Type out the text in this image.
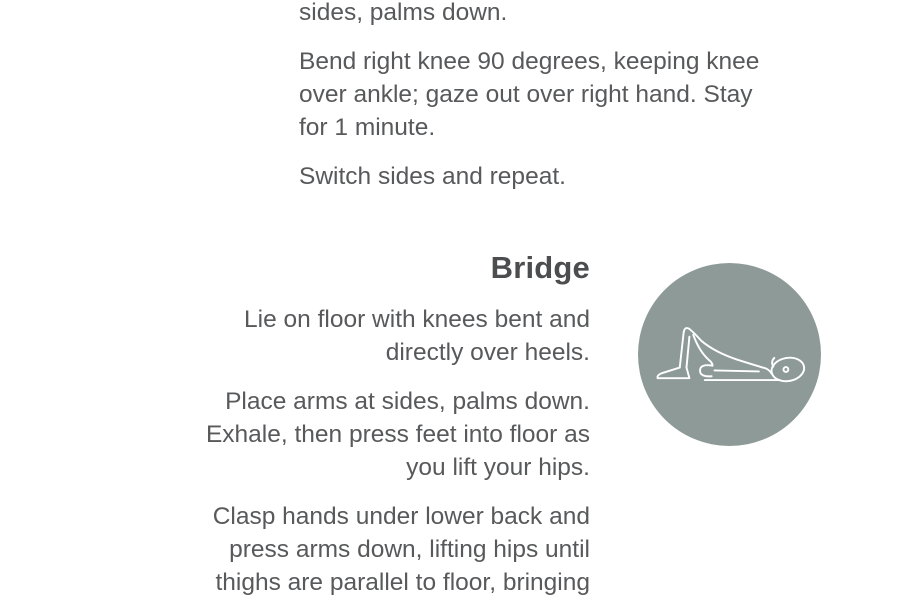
sides, palms down.
Bend right knee 90 degrees, keeping knee
over ankle; gaze out over right hand. Stay
for 1 minute.
Switch sides and repeat.
Bridge
Lie on floor with knees bent and
directly over heels.
Place arms at sides, palms down.
Exhale, then press feet into floor as
you lift your hips.
Clasp hands under lower back and
press arms down, lifting hips until
thighs are parallel to floor, bringing
